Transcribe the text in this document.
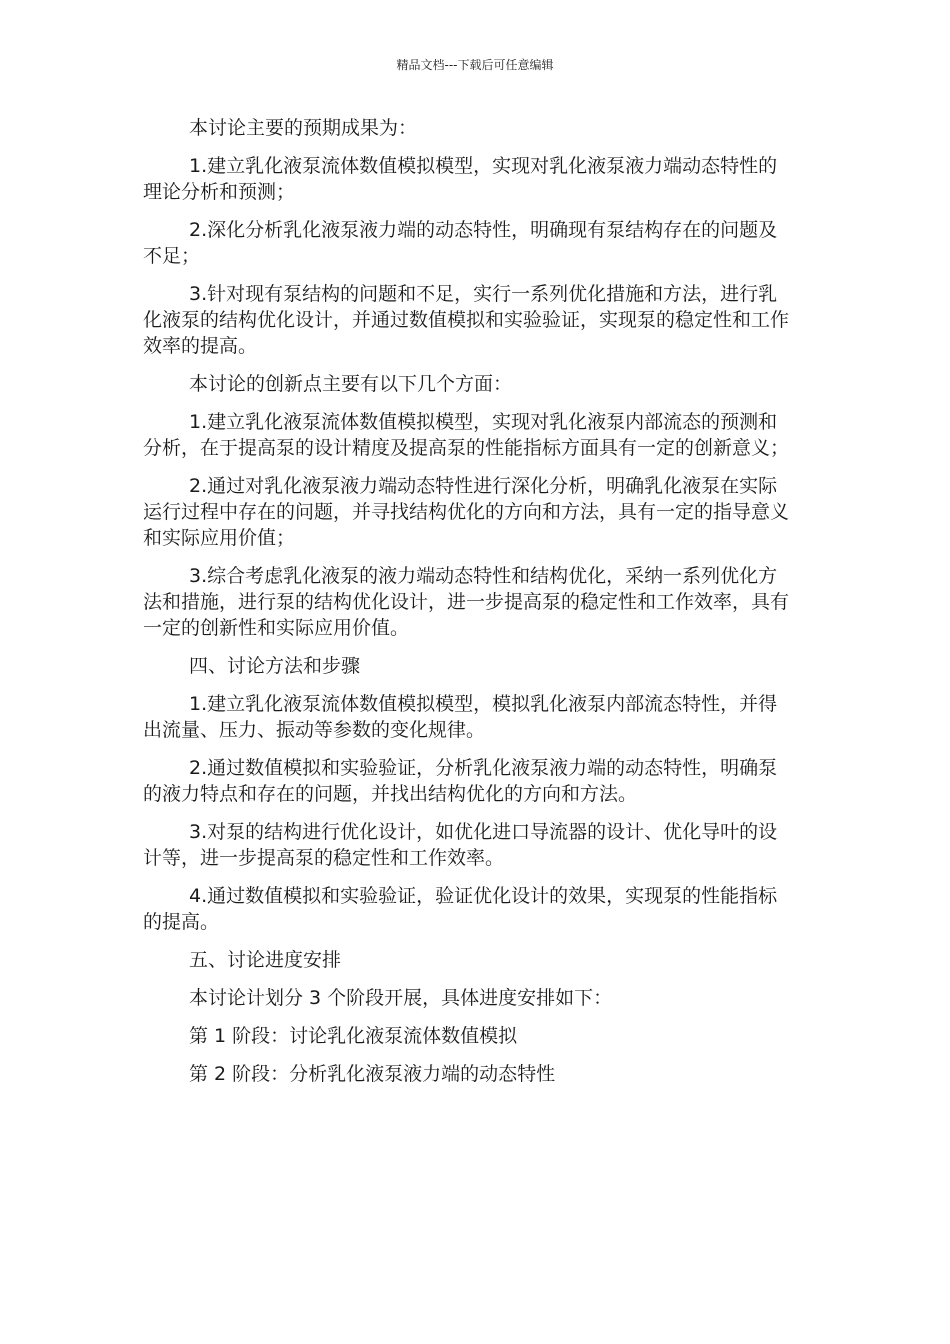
精品文档---下载后可任意编辑

本讨论主要的预期成果为：

1.建立乳化液泵流体数值模拟模型，实现对乳化液泵液力端动态特性的理论分析和预测；

2.深化分析乳化液泵液力端的动态特性，明确现有泵结构存在的问题及不足；

3.针对现有泵结构的问题和不足，实行一系列优化措施和方法，进行乳化液泵的结构优化设计，并通过数值模拟和实验验证，实现泵的稳定性和工作效率的提高。

本讨论的创新点主要有以下几个方面：

1.建立乳化液泵流体数值模拟模型，实现对乳化液泵内部流态的预测和分析，在于提高泵的设计精度及提高泵的性能指标方面具有一定的创新意义；

2.通过对乳化液泵液力端动态特性进行深化分析，明确乳化液泵在实际运行过程中存在的问题，并寻找结构优化的方向和方法，具有一定的指导意义和实际应用价值；

3.综合考虑乳化液泵的液力端动态特性和结构优化，采纳一系列优化方法和措施，进行泵的结构优化设计，进一步提高泵的稳定性和工作效率，具有一定的创新性和实际应用价值。

四、讨论方法和步骤

1.建立乳化液泵流体数值模拟模型，模拟乳化液泵内部流态特性，并得出流量、压力、振动等参数的变化规律。

2.通过数值模拟和实验验证，分析乳化液泵液力端的动态特性，明确泵的液力特点和存在的问题，并找出结构优化的方向和方法。

3.对泵的结构进行优化设计，如优化进口导流器的设计、优化导叶的设计等，进一步提高泵的稳定性和工作效率。

4.通过数值模拟和实验验证，验证优化设计的效果，实现泵的性能指标的提高。

五、讨论进度安排

本讨论计划分 3 个阶段开展，具体进度安排如下：

第 1 阶段：讨论乳化液泵流体数值模拟

第 2 阶段：分析乳化液泵液力端的动态特性
